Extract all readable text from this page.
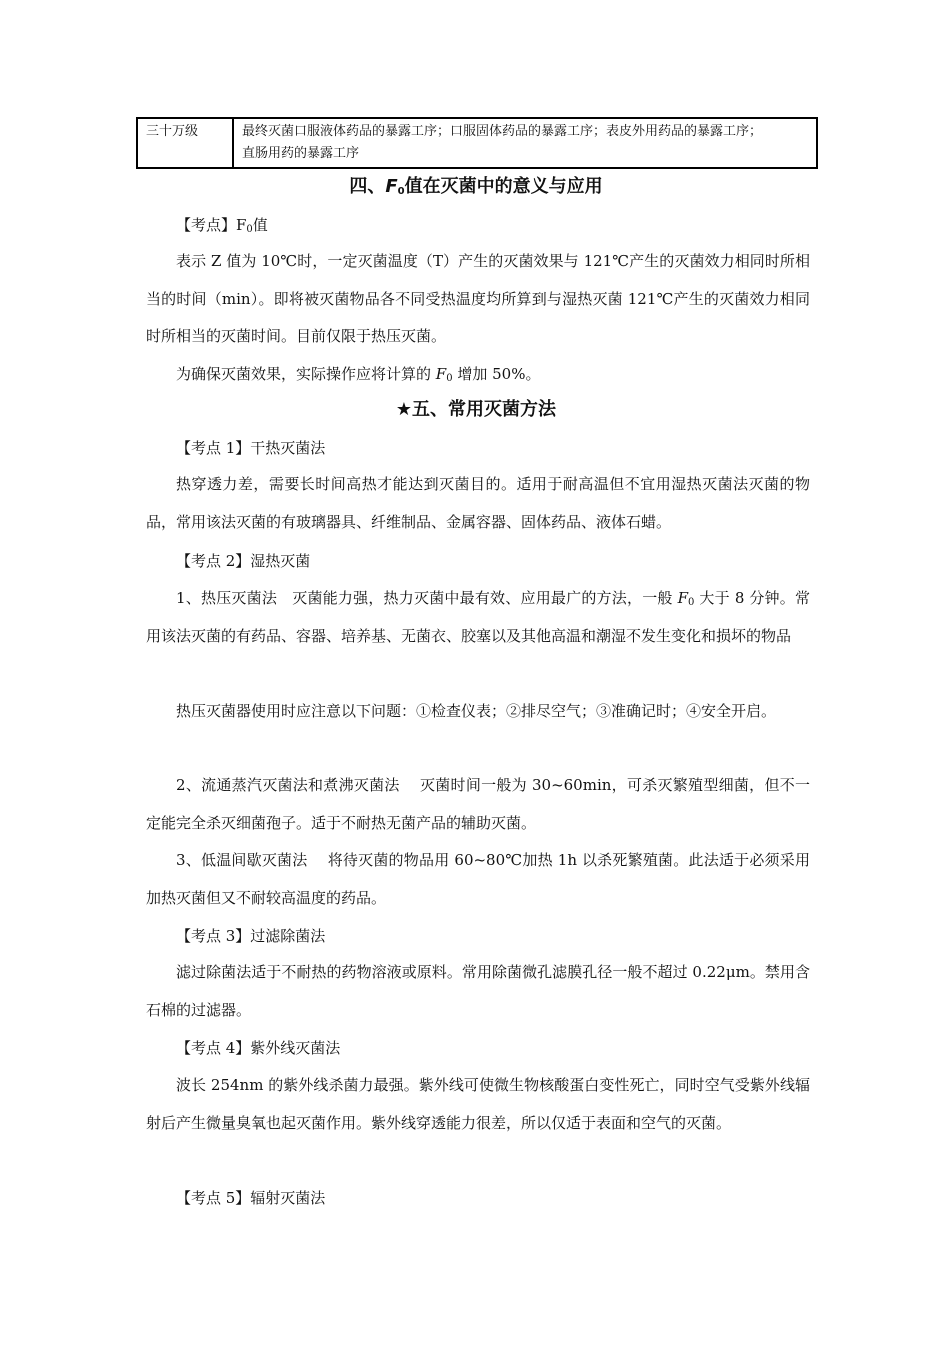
三十万级	最终灭菌口服液体药品的暴露工序；口服固体药品的暴露工序；表皮外用药品的暴露工序；
直肠用药的暴露工序
四、$F_0$值在灭菌中的意义与应用
【考点】$F_0$值
表示 Z 值为 10℃时，一定灭菌温度（T）产生的灭菌效果与 121℃产生的灭菌效力相同时所相当的时间（min）。即将被灭菌物品各不同受热温度均所算到与湿热灭菌 121℃产生的灭菌效力相同时所相当的灭菌时间。目前仅限于热压灭菌。
为确保灭菌效果，实际操作应将计算的 $F_0$ 增加 50%。
★五、常用灭菌方法
【考点 1】干热灭菌法
热穿透力差，需要长时间高热才能达到灭菌目的。适用于耐高温但不宜用湿热灭菌法灭菌的物品，常用该法灭菌的有玻璃器具、纤维制品、金属容器、固体药品、液体石蜡。
【考点 2】湿热灭菌
1、热压灭菌法　灭菌能力强，热力灭菌中最有效、应用最广的方法，一般 $F_0$ 大于 8 分钟。常用该法灭菌的有药品、容器、培养基、无菌衣、胶塞以及其他高温和潮湿不发生变化和损坏的物品
热压灭菌器使用时应注意以下问题：①检查仪表；②排尽空气；③准确记时；④安全开启。
2、流通蒸汽灭菌法和煮沸灭菌法　 灭菌时间一般为 30~60min，可杀灭繁殖型细菌，但不一定能完全杀灭细菌孢子。适于不耐热无菌产品的辅助灭菌。
3、低温间歇灭菌法　 将待灭菌的物品用 60~80℃加热 1h 以杀死繁殖菌。此法适于必须采用加热灭菌但又不耐较高温度的药品。
【考点 3】过滤除菌法
滤过除菌法适于不耐热的药物溶液或原料。常用除菌微孔滤膜孔径一般不超过 0.22μm。禁用含石棉的过滤器。
【考点 4】紫外线灭菌法
波长 254nm 的紫外线杀菌力最强。紫外线可使微生物核酸蛋白变性死亡，同时空气受紫外线辐射后产生微量臭氧也起灭菌作用。紫外线穿透能力很差，所以仅适于表面和空气的灭菌。
【考点 5】辐射灭菌法
